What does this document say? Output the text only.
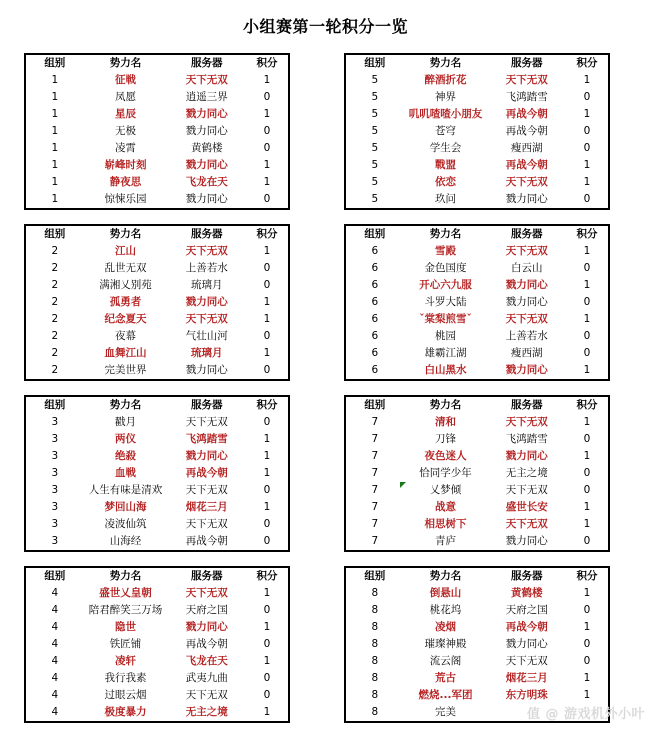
小组赛第一轮积分一览
组别	势力名	服务器	积分
1	征戦	天下无双	1
1	凤愿	逍遥三界	0
1	星辰	戮力同心	1
1	无极	戮力同心	0
1	凌霄	黄鹤楼	0
1	崭峰时刻	戮力同心	1
1	静夜思	飞龙在天	1
1	惊悚乐园	戮力同心	0
组别	势力名	服务器	积分
5	醉酒折花	天下无双	1
5	神界	飞鸿踏雪	0
5	叽叽喳喳小朋友	再战今朝	1
5	苍穹	再战今朝	0
5	学生会	瘦西湖	0
5	戰盟	再战今朝	1
5	依恋	天下无双	1
5	玖问	戮力同心	0
组别	势力名	服务器	积分
2	江山	天下无双	1
2	乱世无双	上善若水	0
2	满湘乂别苑	琉璃月	0
2	孤勇者	戮力同心	1
2	纪念夏天	天下无双	1
2	夜幕	气壮山河	0
2	血舞江山	琉璃月	1
2	完美世界	戮力同心	0
组别	势力名	服务器	积分
6	雪殿	天下无双	1
6	金色国度	白云山	0
6	开心六九服	戮力同心	1
6	斗罗大陆	戮力同心	0
6	ˇ棠梨煎雪ˇ	天下无双	1
6	桃园	上善若水	0
6	雄霸江湖	瘦西湖	0
6	白山黑水	戮力同心	1
组别	势力名	服务器	积分
3	戳月	天下无双	0
3	两仪	飞鸿踏雪	1
3	绝殺	戮力同心	1
3	血戦	再战今朝	1
3	人生有味是清欢	天下无双	0
3	梦回山海	烟花三月	1
3	凌波仙筑	天下无双	0
3	山海经	再战今朝	0
组别	势力名	服务器	积分
7	清和	天下无双	1
7	刀锋	飞鸿踏雪	0
7	夜色迷人	戮力同心	1
7	恰同学少年	无主之境	0
7	乂梦倾	天下无双	0
7	战意	盛世长安	1
7	相思树下	天下无双	1
7	青庐	戮力同心	0
组别	势力名	服务器	积分
4	盛世乂皇朝	天下无双	1
4	陪君醉笑三万场	天府之国	0
4	隐世	戮力同心	1
4	铁匠铺	再战今朝	0
4	凌轩	飞龙在天	1
4	我行我素	武夷九曲	0
4	过眼云烟	天下无双	0
4	极度暴力	无主之境	1
组别	势力名	服务器	积分
8	倒悬山	黄鹤楼	1
8	桃花坞	天府之国	0
8	凌烟	再战今朝	1
8	璀璨神殿	戮力同心	0
8	流云阁	天下无双	0
8	荒古	烟花三月	1
8	燃烧...军团	东方明珠	1
8	完美			值 @ 游戏机外小叶
